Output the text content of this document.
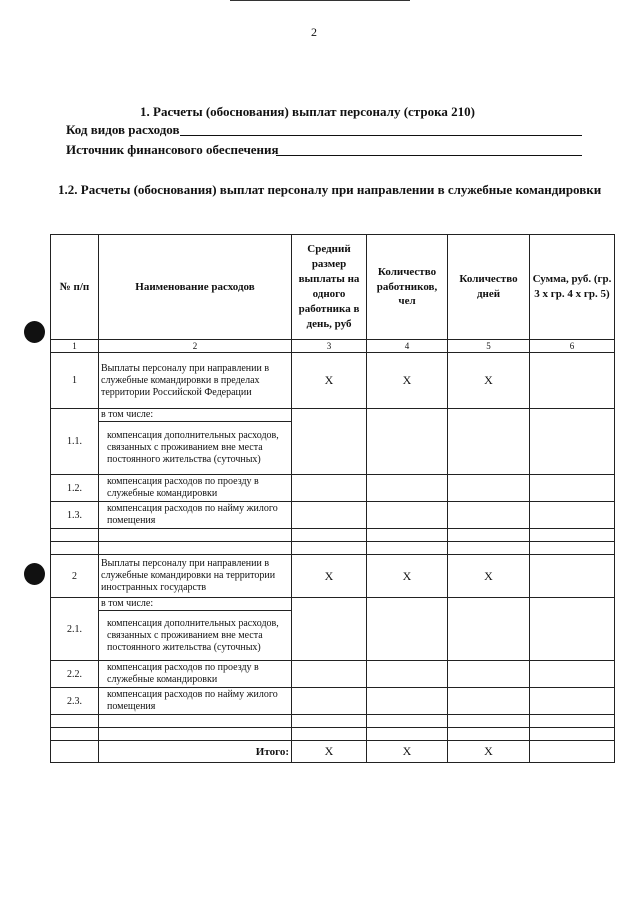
2
1. Расчеты (обоснования) выплат персоналу (строка 210)
Код видов расходов
Источник финансового обеспечения
1.2. Расчеты (обоснования) выплат персоналу при направлении в служебные командировки
№ п/п	Наименование расходов	Средний размер выплаты на одного работника в день, руб	Количество работников, чел	Количество дней	Сумма, руб. (гр. 3 х гр. 4 х гр. 5)
1	2	3	4	5	6
1	Выплаты персоналу при направлении в служебные командировки в пределах территории Российской Федерации	X	X	X	
1.1.	в том числе:				
	компенсация дополнительных расходов, связанных с проживанием вне места постоянного жительства (суточных)				
1.2.	компенсация расходов по проезду в служебные командировки				
1.3.	компенсация расходов по найму жилого помещения				

2	Выплаты персоналу при направлении в служебные командировки на территории иностранных государств	X	X	X	
2.1.	в том числе:				
	компенсация дополнительных расходов, связанных с проживанием вне места постоянного жительства (суточных)				
2.2.	компенсация расходов по проезду в служебные командировки				
2.3.	компенсация расходов по найму жилого помещения				

	Итого:	X	X	X	
